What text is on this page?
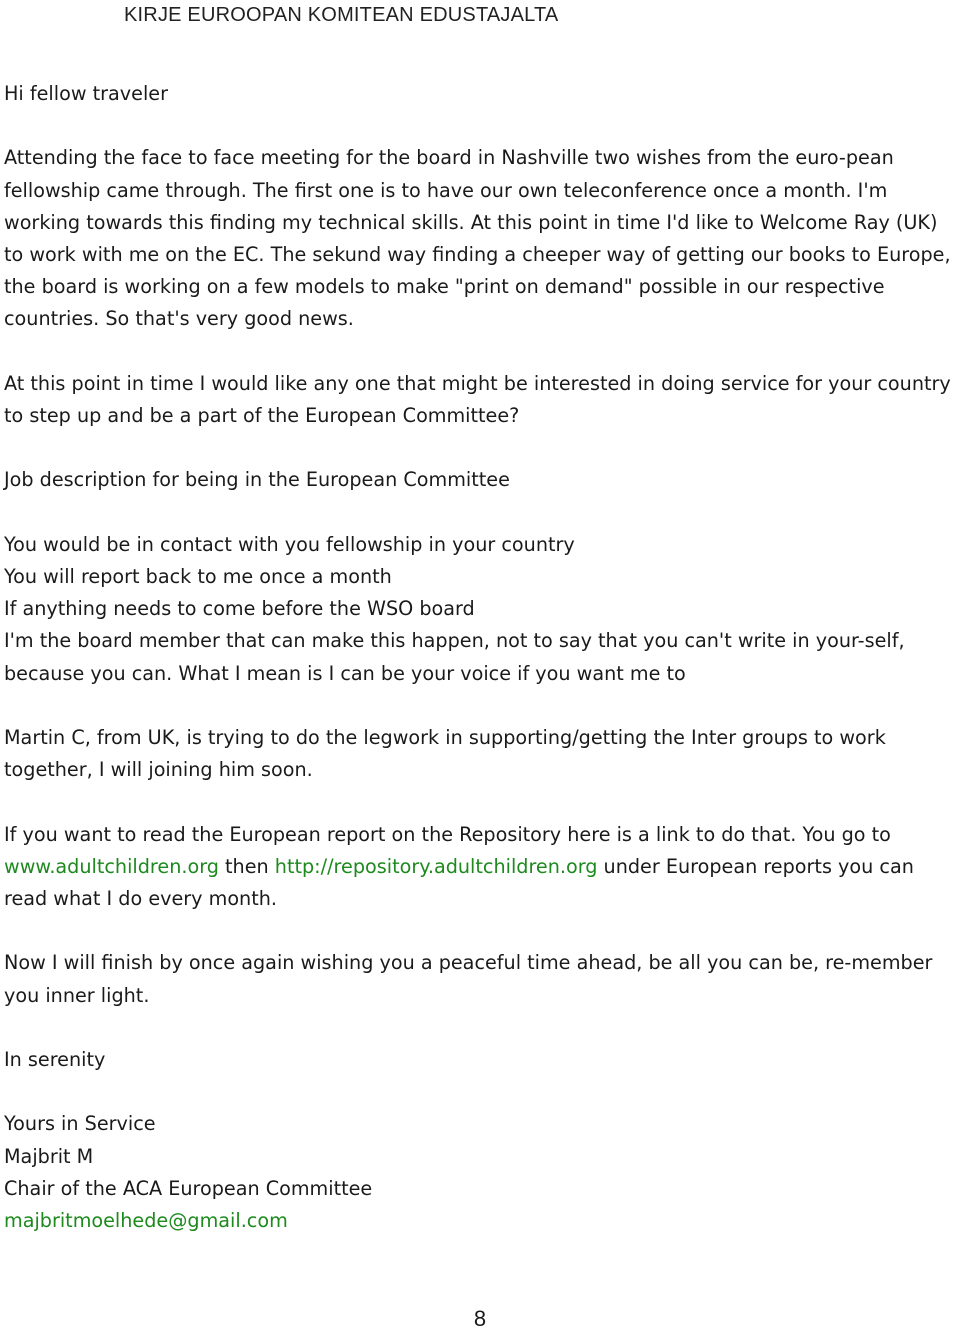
KIRJE EUROOPAN KOMITEAN EDUSTAJALTA

Hi fellow traveler

Attending the face to face meeting for the board in Nashville two wishes from the euro-pean fellowship came through. The first one is to have our own teleconference once a month. I'm working towards this finding my technical skills. At this point in time I'd like to Welcome Ray (UK) to work with me on the EC. The sekund way finding a cheeper way of getting our books to Europe, the board is working on a few models to make "print on demand" possible in our respective countries. So that's very good news.

At this point in time I would like any one that might be interested in doing service for your country to step up and be a part of the European Committee?

Job description for being in the European Committee

You would be in contact with you fellowship in your country

You will report back to me once a month

If anything needs to come before the WSO board

I'm the board member that can make this happen, not to say that you can't write in your-self, because you can. What I mean is I can be your voice if you want me to

Martin C, from UK, is trying to do the legwork in supporting/getting the Inter groups to work together, I will joining him soon.

If you want to read the European report on the Repository here is a link to do that. You go to www.adultchildren.org then http://repository.adultchildren.org under European reports you can read what I do every month.

Now I will finish by once again wishing you a peaceful time ahead, be all you can be, re-member you inner light.

In serenity

Yours in Service

Majbrit M

Chair of the ACA European Committee

majbritmoelhede@gmail.com

8
